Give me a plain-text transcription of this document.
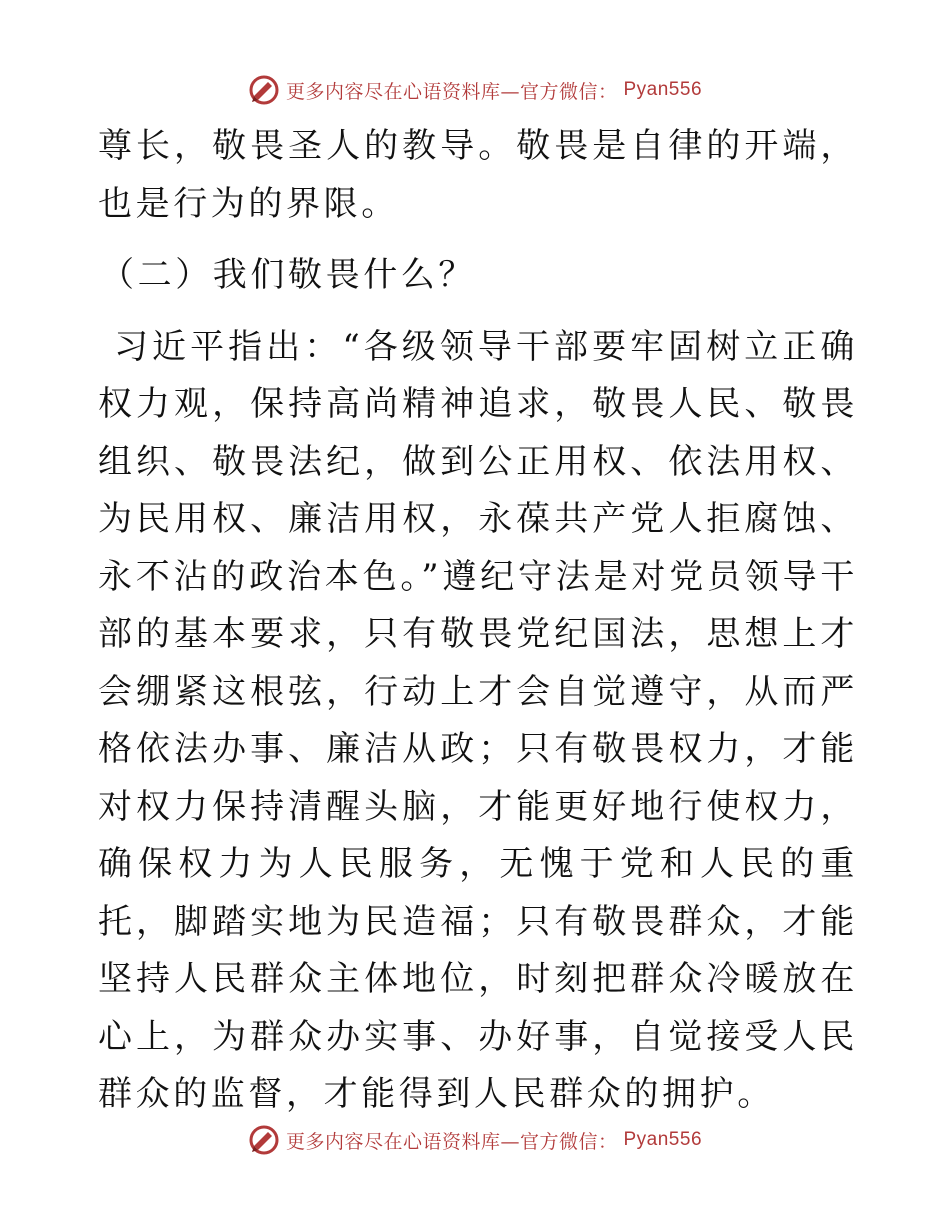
更多内容尽在心语资料库—官方微信： Pyan556

尊长，敬畏圣人的教导。敬畏是自律的开端，也是行为的界限。

（二）我们敬畏什么？

习近平指出：“各级领导干部要牢固树立正确权力观，保持高尚精神追求，敬畏人民、敬畏组织、敬畏法纪，做到公正用权、依法用权、为民用权、廉洁用权，永葆共产党人拒腐蚀、永不沾的政治本色。”遵纪守法是对党员领导干部的基本要求，只有敬畏党纪国法，思想上才会绷紧这根弦，行动上才会自觉遵守，从而严格依法办事、廉洁从政；只有敬畏权力，才能对权力保持清醒头脑，才能更好地行使权力，确保权力为人民服务，无愧于党和人民的重托，脚踏实地为民造福；只有敬畏群众，才能坚持人民群众主体地位，时刻把群众冷暖放在心上，为群众办实事、办好事，自觉接受人民群众的监督，才能得到人民群众的拥护。

更多内容尽在心语资料库—官方微信： Pyan556
